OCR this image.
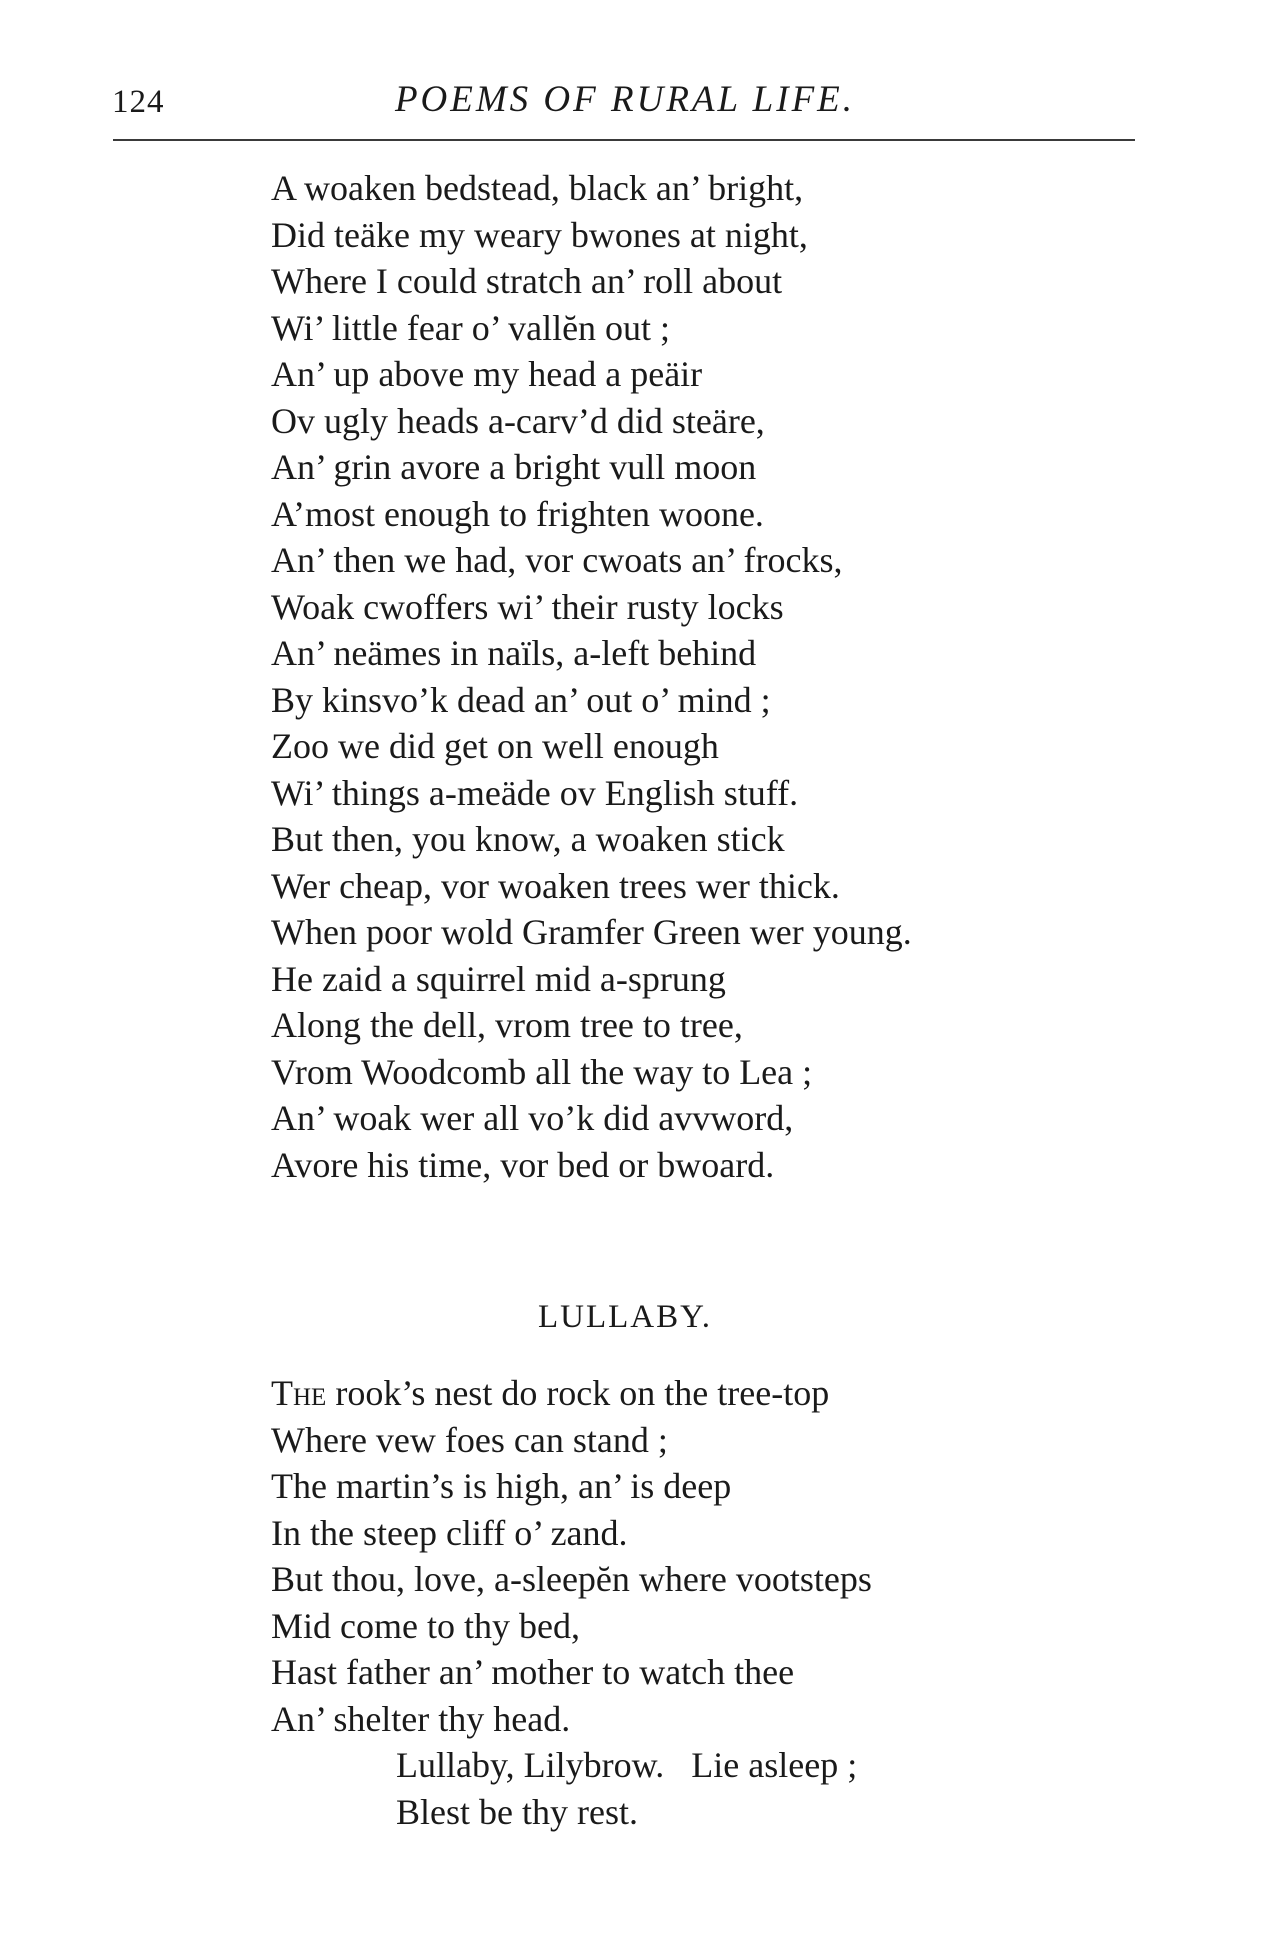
124	POEMS OF RURAL LIFE.
A woaken bedstead, black an’ bright,
Did teäke my weary bwones at night,
Where I could stratch an’ roll about
Wi’ little fear o’ vallĕn out ;
An’ up above my head a peäir
Ov ugly heads a-carv’d did steäre,
An’ grin avore a bright vull moon
A’most enough to frighten woone.
An’ then we had, vor cwoats an’ frocks,
Woak cwoffers wi’ their rusty locks
An’ neämes in naïls, a-left behind
By kinsvo’k dead an’ out o’ mind ;
Zoo we did get on well enough
Wi’ things a-meäde ov English stuff.
But then, you know, a woaken stick
Wer cheap, vor woaken trees wer thick.
When poor wold Gramfer Green wer young.
He zaid a squirrel mid a-sprung
Along the dell, vrom tree to tree,
Vrom Woodcomb all the way to Lea ;
An’ woak wer all vo’k did avvword,
Avore his time, vor bed or bwoard.
LULLABY.
The rook’s nest do rock on the tree-top
Where vew foes can stand ;
The martin’s is high, an’ is deep
In the steep cliff o’ zand.
But thou, love, a-sleepĕn where vootsteps
Mid come to thy bed,
Hast father an’ mother to watch thee
An’ shelter thy head.
Lullaby, Lilybrow.   Lie asleep ;
Blest be thy rest.
